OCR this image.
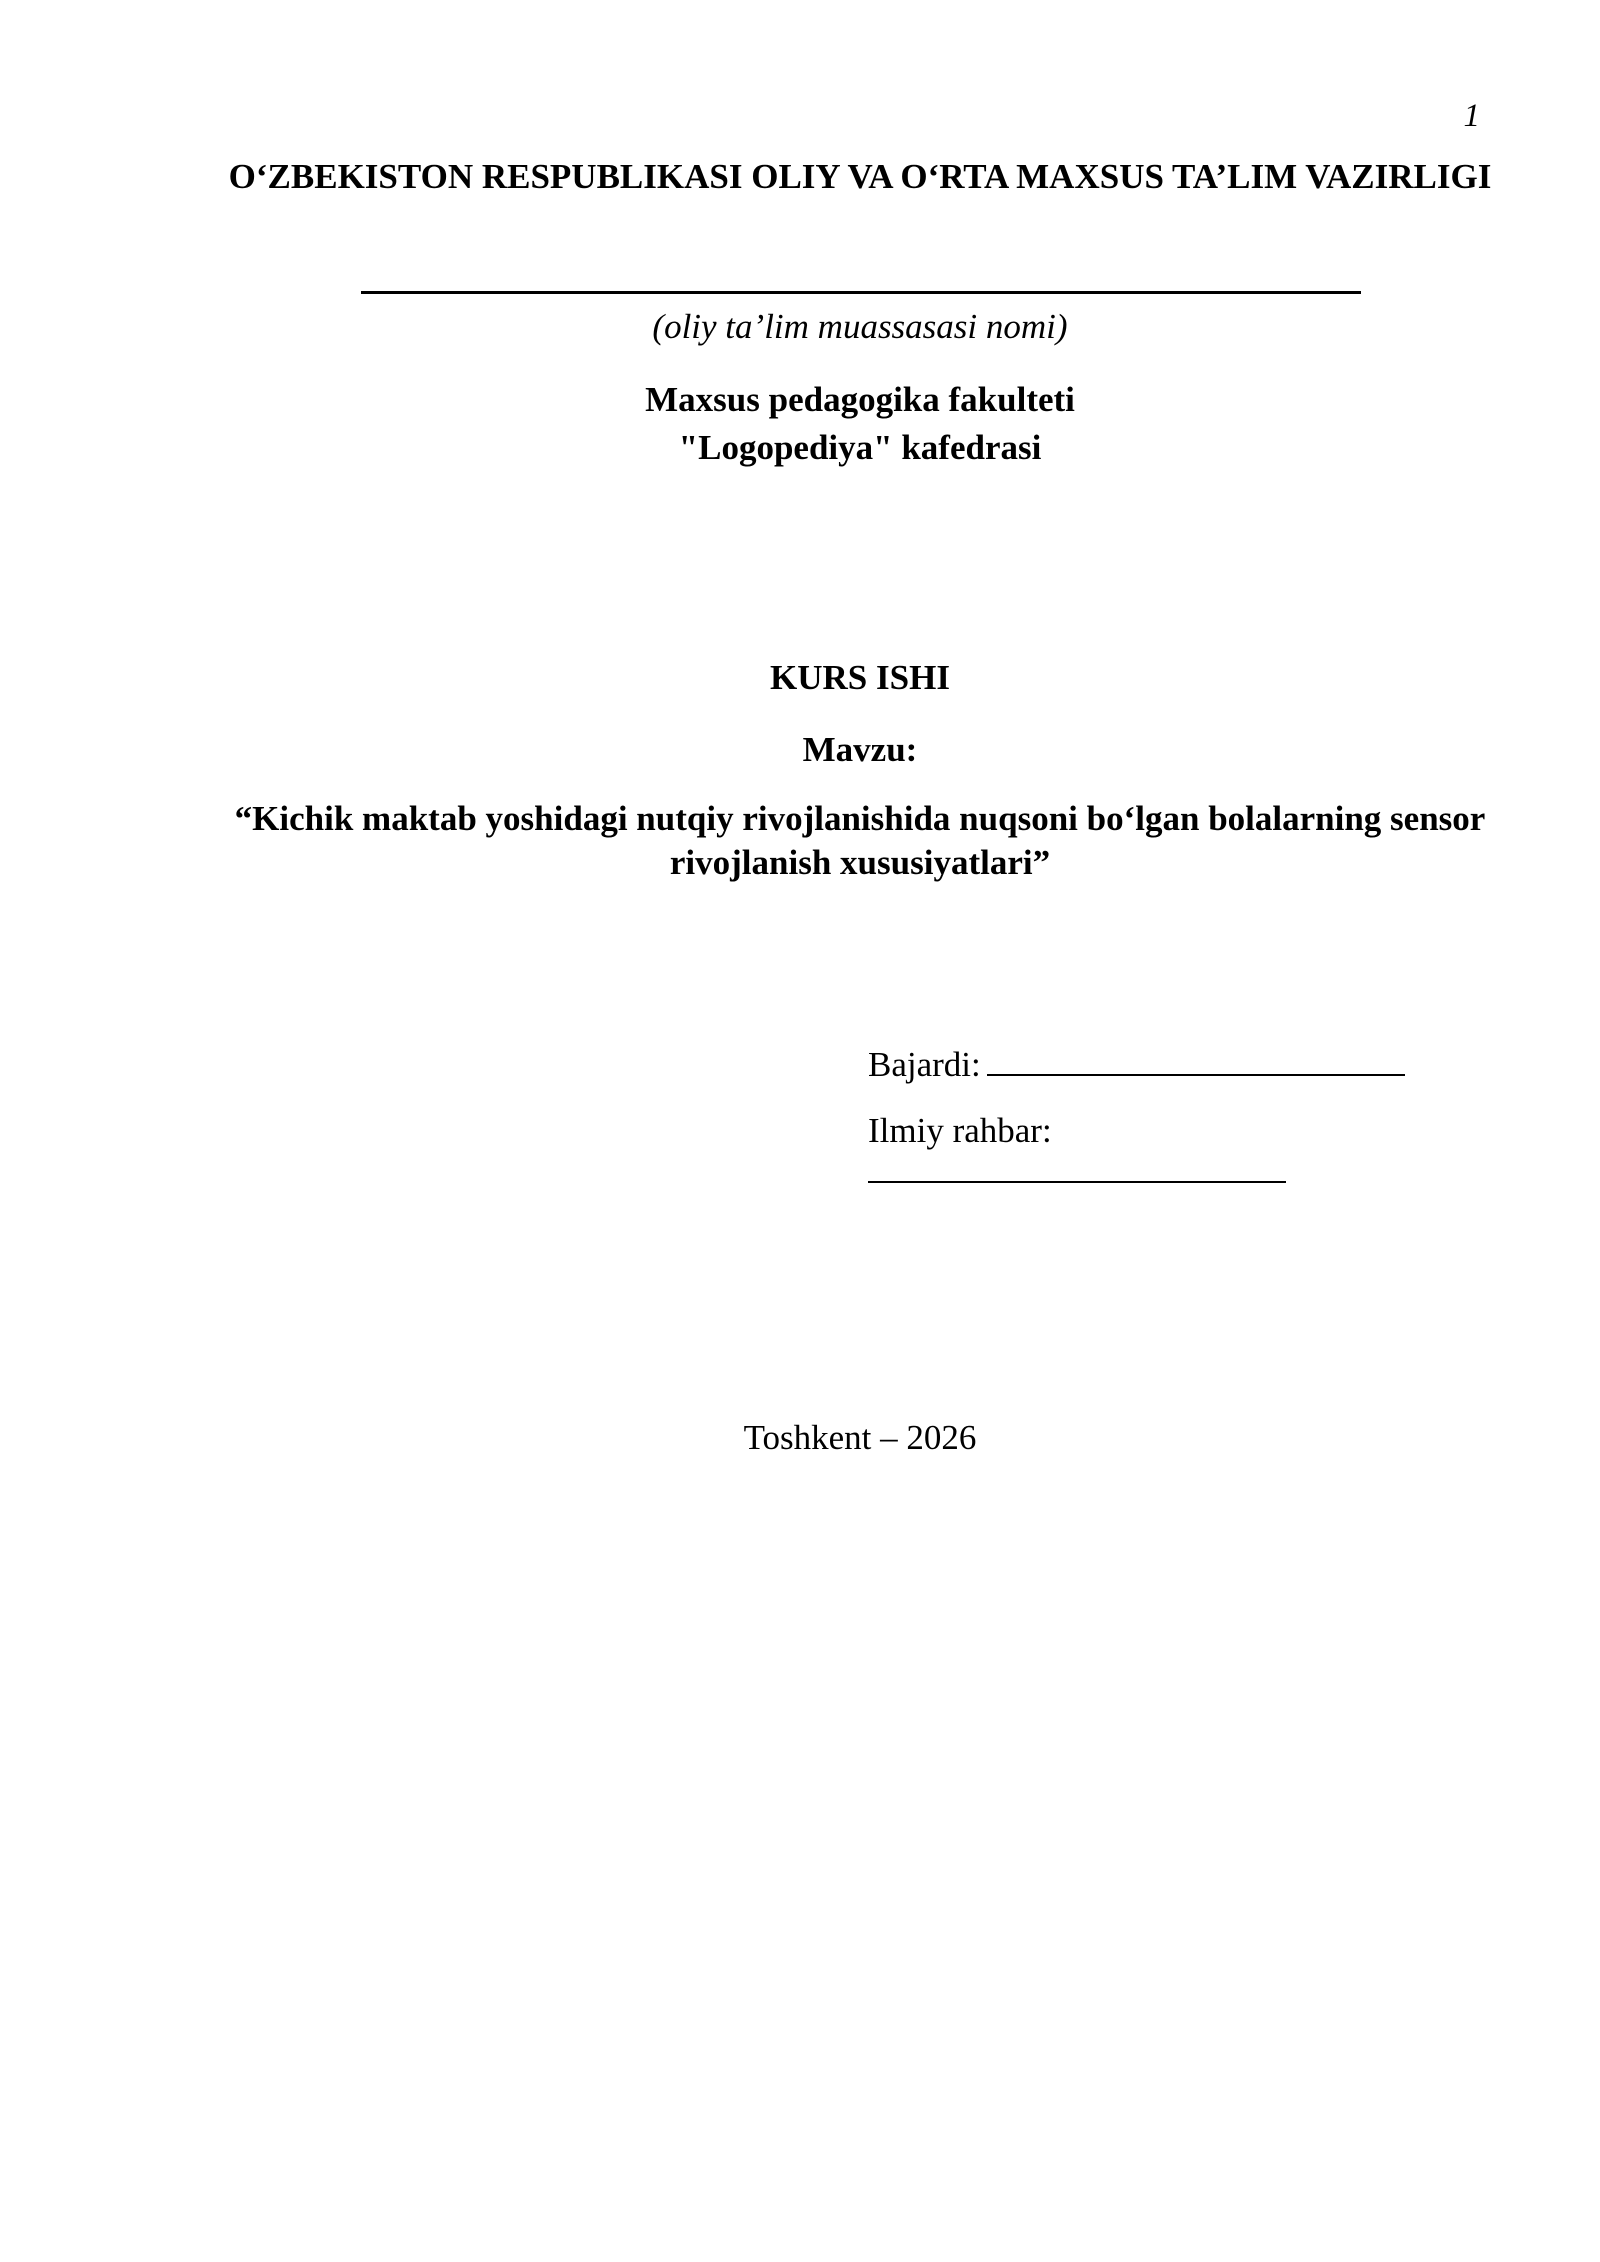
1
O‘ZBEKISTON RESPUBLIKASI OLIY VA O‘RTA MAXSUS TA’LIM VAZIRLIGI
(oliy ta’lim muassasasi nomi)
Maxsus pedagogika fakulteti
"Logopediya" kafedrasi
KURS ISHI
Mavzu:
“Kichik maktab yoshidagi nutqiy rivojlanishida nuqsoni bo‘lgan bolalarning sensor rivojlanish xususiyatlari”
Bajardi:
Ilmiy rahbar:
Toshkent – 2026
